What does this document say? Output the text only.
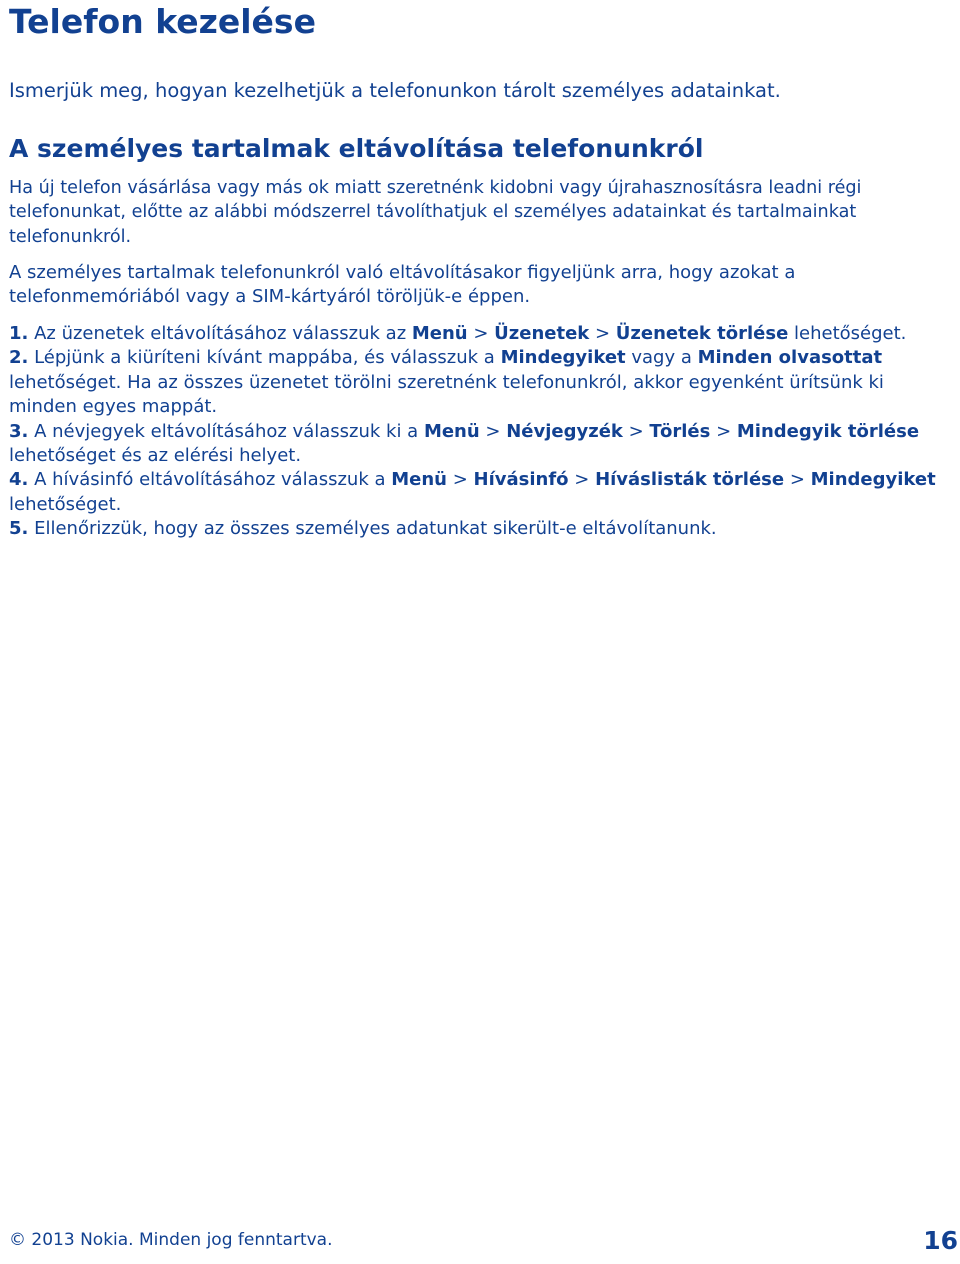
Telefon kezelése
Ismerjük meg, hogyan kezelhetjük a telefonunkon tárolt személyes adatainkat.
A személyes tartalmak eltávolítása telefonunkról
Ha új telefon vásárlása vagy más ok miatt szeretnénk kidobni vagy újrahasznosításra leadni régi telefonunkat, előtte az alábbi módszerrel távolíthatjuk el személyes adatainkat és tartalmainkat telefonunkról.
A személyes tartalmak telefonunkról való eltávolításakor figyeljünk arra, hogy azokat a telefonmemóriából vagy a SIM-kártyáról töröljük-e éppen.

1. Az üzenetek eltávolításához válasszuk az Menü > Üzenetek > Üzenetek törlése lehetőséget.

2. Lépjünk a kiüríteni kívánt mappába, és válasszuk a Mindegyiket vagy a Minden olvasottat lehetőséget. Ha az összes üzenetet törölni szeretnénk telefonunkról, akkor egyenként ürítsünk ki minden egyes mappát.

3. A névjegyek eltávolításához válasszuk ki a Menü > Névjegyzék > Törlés > Mindegyik törlése lehetőséget és az elérési helyet.

4. A hívásinfó eltávolításához válasszuk a Menü > Hívásinfó > Híváslisták törlése > Mindegyiket lehetőséget.

5. Ellenőrizzük, hogy az összes személyes adatunkat sikerült-e eltávolítanunk.

© 2013 Nokia. Minden jog fenntartva.	16
